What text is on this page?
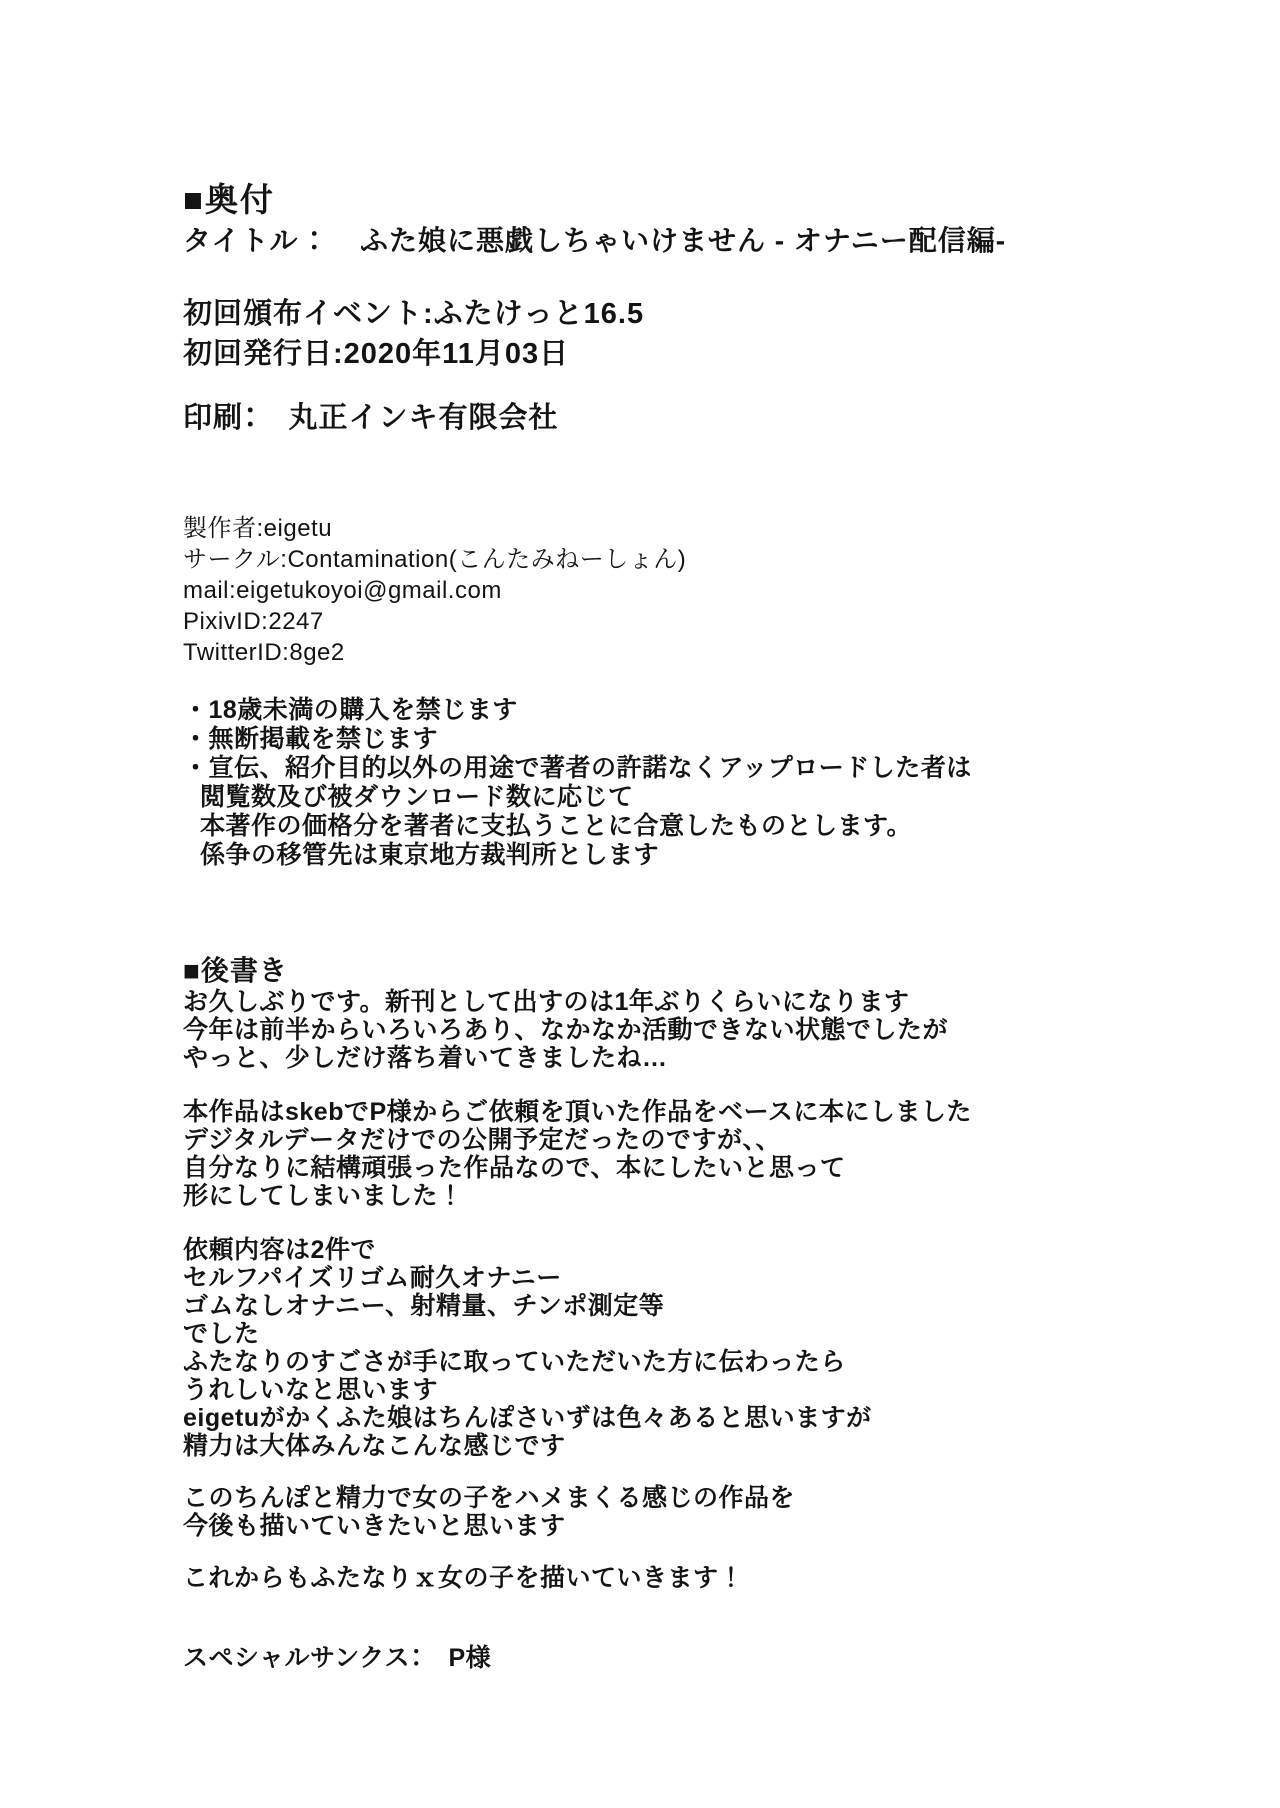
■奥付
タイトル ：　 ふた娘に悪戯しちゃいけません - オナニー配信編-
初回頒布イベント:ふたけっと16.5
初回発行日:2020年11月03日
印刷：　丸正インキ有限会社
製作者:eigetu
サークル:Contamination(こんたみねーしょん)
mail:eigetukoyoi@gmail.com
PixivID:2247
TwitterID:8ge2
・18歳未満の購入を禁じます
・無断掲載を禁じます
・宣伝、紹介目的以外の用途で著者の許諾なくアップロードした者は
閲覧数及び被ダウンロード数に応じて
本著作の価格分を著者に支払うことに合意したものとします。
係争の移管先は東京地方裁判所とします
■後書き
お久しぶりです。新刊として出すのは1年ぶりくらいになります
今年は前半からいろいろあり、なかなか活動できない状態でしたが
やっと、少しだけ落ち着いてきましたね…
本作品はskebでP様からご依頼を頂いた作品をベースに本にしました
デジタルデータだけでの公開予定だったのですが、、
自分なりに結構頑張った作品なので、本にしたいと思って
形にしてしまいました！
依頼内容は2件で
セルフパイズリゴム耐久オナニー
ゴムなしオナニー、射精量、チンポ測定等
でした
ふたなりのすごさが手に取っていただいた方に伝わったら
うれしいなと思います
eigetuがかくふた娘はちんぽさいずは色々あると思いますが
精力は大体みんなこんな感じです
このちんぽと精力で女の子をハメまくる感じの作品を
今後も描いていきたいと思います
これからもふたなりｘ女の子を描いていきます！
スペシャルサンクス：　P様
